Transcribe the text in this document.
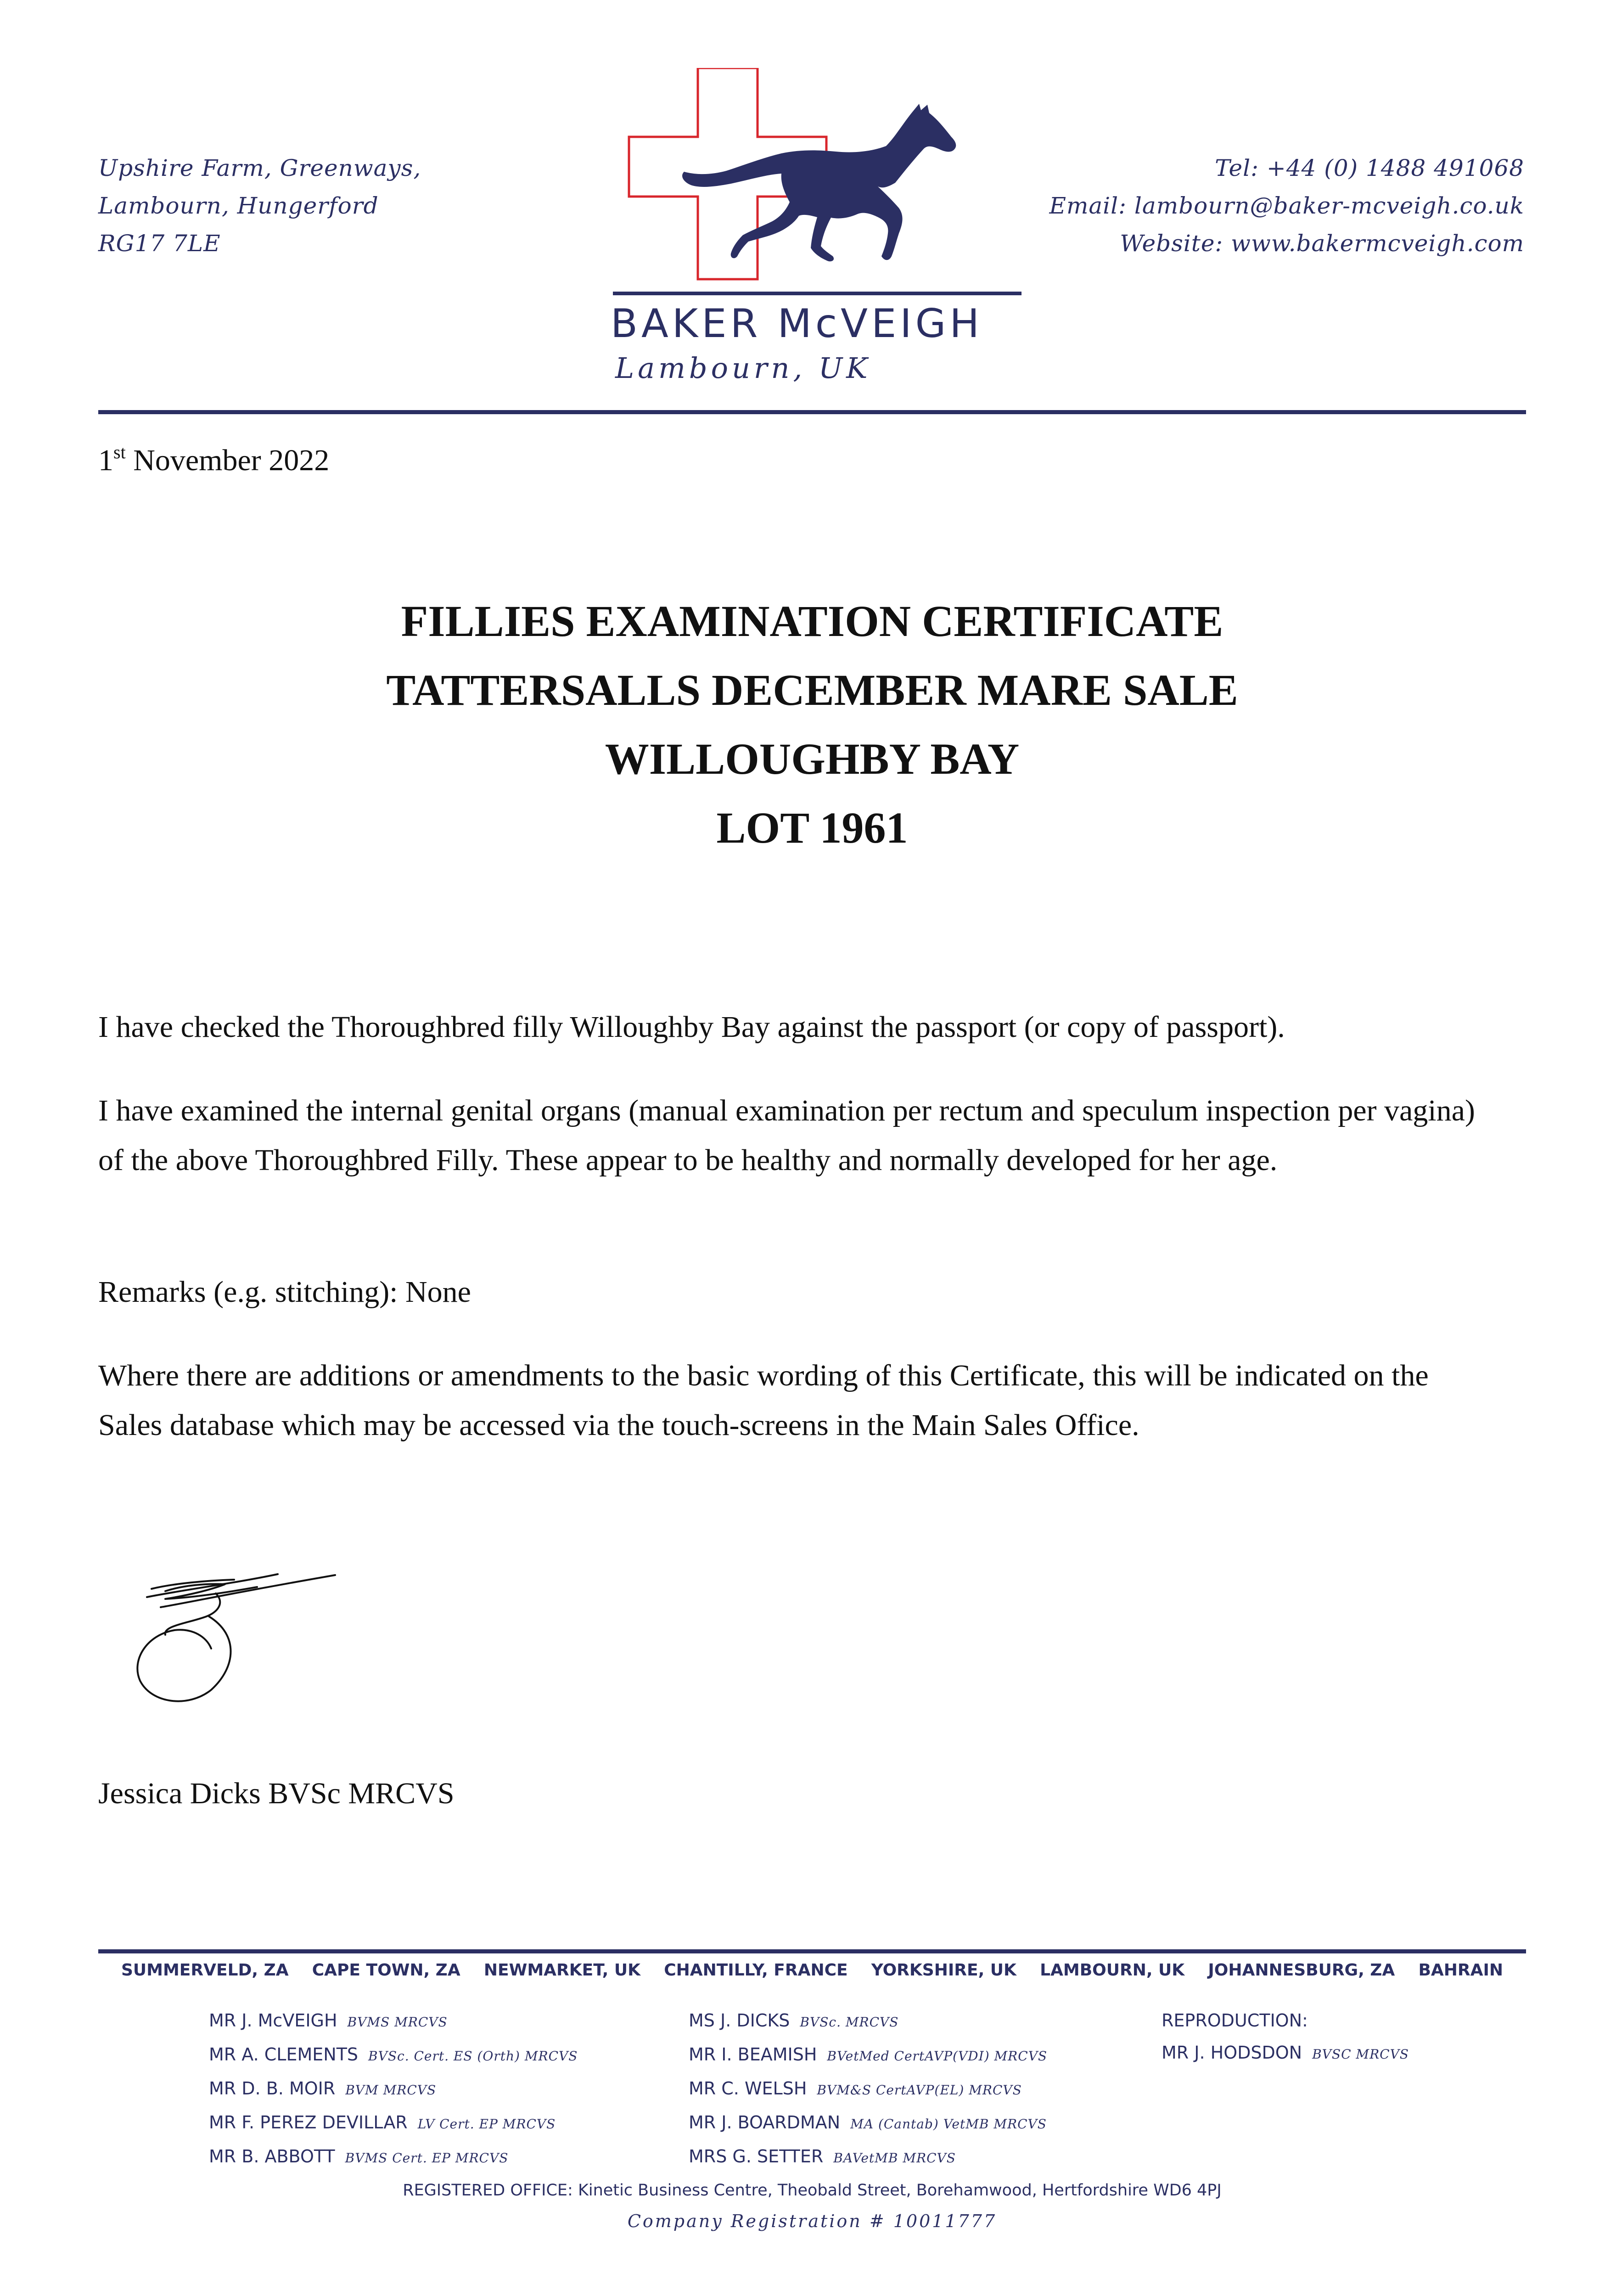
Upshire Farm, Greenways,
Lambourn, Hungerford
RG17 7LE
BAKER McVEIGH
Lambourn, UK
Tel: +44 (0) 1488 491068
Email: lambourn@baker-mcveigh.co.uk
Website: www.bakermcveigh.com
1st November 2022
FILLIES EXAMINATION CERTIFICATE
TATTERSALLS DECEMBER MARE SALE
WILLOUGHBY BAY
LOT 1961
I have checked the Thoroughbred filly Willoughby Bay against the passport (or copy of passport).
I have examined the internal genital organs (manual examination per rectum and speculum inspection per vagina) of the above Thoroughbred Filly. These appear to be healthy and normally developed for her age.
Remarks (e.g. stitching): None
Where there are additions or amendments to the basic wording of this Certificate, this will be indicated on the Sales database which may be accessed via the touch-screens in the Main Sales Office.
Jessica Dicks BVSc MRCVS
SUMMERVELD, ZA CAPE TOWN, ZA NEWMARKET, UK CHANTILLY, FRANCE YORKSHIRE, UK LAMBOURN, UK JOHANNESBURG, ZA BAHRAIN
MR J. McVEIGH BVMS MRCVS
MR A. CLEMENTS BVSc. Cert. ES (Orth) MRCVS
MR D. B. MOIR BVM MRCVS
MR F. PEREZ DEVILLAR LV Cert. EP MRCVS
MR B. ABBOTT BVMS Cert. EP MRCVS
MS J. DICKS BVSc. MRCVS
MR I. BEAMISH BVetMed CertAVP(VDI) MRCVS
MR C. WELSH BVM&S CertAVP(EL) MRCVS
MR J. BOARDMAN MA (Cantab) VetMB MRCVS
MRS G. SETTER BAVetMB MRCVS
REPRODUCTION:
MR J. HODSDON BVSC MRCVS
REGISTERED OFFICE: Kinetic Business Centre, Theobald Street, Borehamwood, Hertfordshire WD6 4PJ
Company Registration # 10011777
